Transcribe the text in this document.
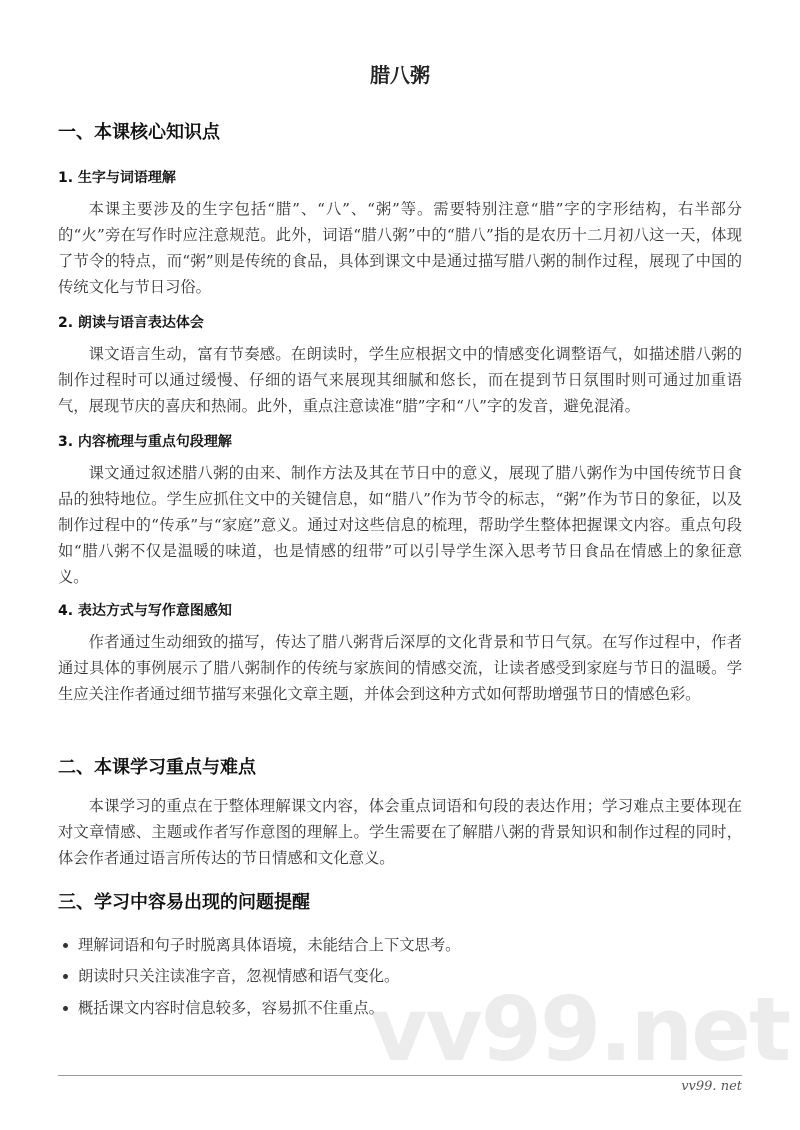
vv99.net
腊八粥
一、本课核心知识点
1. 生字与词语理解
本课主要涉及的生字包括“腊”、“八”、“粥”等。需要特别注意“腊”字的字形结构，右半部分的“火”旁在写作时应注意规范。此外，词语“腊八粥”中的“腊八”指的是农历十二月初八这一天，体现了节令的特点，而“粥”则是传统的食品，具体到课文中是通过描写腊八粥的制作过程，展现了中国的传统文化与节日习俗。
2. 朗读与语言表达体会
课文语言生动，富有节奏感。在朗读时，学生应根据文中的情感变化调整语气，如描述腊八粥的制作过程时可以通过缓慢、仔细的语气来展现其细腻和悠长，而在提到节日氛围时则可通过加重语气，展现节庆的喜庆和热闹。此外，重点注意读准“腊”字和“八”字的发音，避免混淆。
3. 内容梳理与重点句段理解
课文通过叙述腊八粥的由来、制作方法及其在节日中的意义，展现了腊八粥作为中国传统节日食品的独特地位。学生应抓住文中的关键信息，如“腊八”作为节令的标志，“粥”作为节日的象征，以及制作过程中的“传承”与“家庭”意义。通过对这些信息的梳理，帮助学生整体把握课文内容。重点句段如“腊八粥不仅是温暖的味道，也是情感的纽带”可以引导学生深入思考节日食品在情感上的象征意义。
4. 表达方式与写作意图感知
作者通过生动细致的描写，传达了腊八粥背后深厚的文化背景和节日气氛。在写作过程中，作者通过具体的事例展示了腊八粥制作的传统与家族间的情感交流，让读者感受到家庭与节日的温暖。学生应关注作者通过细节描写来强化文章主题，并体会到这种方式如何帮助增强节日的情感色彩。
二、本课学习重点与难点
本课学习的重点在于整体理解课文内容，体会重点词语和句段的表达作用；学习难点主要体现在对文章情感、主题或作者写作意图的理解上。学生需要在了解腊八粥的背景知识和制作过程的同时，体会作者通过语言所传达的节日情感和文化意义。
三、学习中容易出现的问题提醒
理解词语和句子时脱离具体语境，未能结合上下文思考。
朗读时只关注读准字音，忽视情感和语气变化。
概括课文内容时信息较多，容易抓不住重点。
vv99. net
